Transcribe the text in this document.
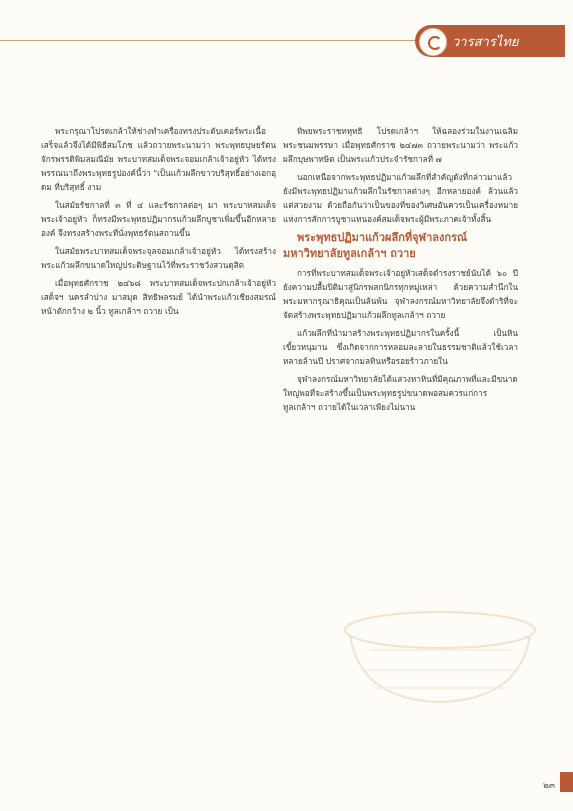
วารสารไทย

พระกรุณาโปรดเกล้าให้ช่างทำเครื่องทรงประดับเคอร์พระเนื้อเสร็จแล้วจึงได้มีพิธีสมโภช แล้วถวายพระนามว่า พระพุทธบุษยรัตนจักรพรรดิพิมลมณีมัย พระบาทสมเด็จพระจอมเกล้าเจ้าอยู่หัว ได้ทรงพรรณนาถึงพระพุทธรูปองค์นี้ว่า "เป็นแก้วผลึกขาวบริสุทธิ์อย่างเอกอุดม ที่บริสุทธิ์ งาม

ในสมัยรัชกาลที่ ๓ ที่ ๔ และรัชกาลต่อๆ มา พระบาทสมเด็จพระเจ้าอยู่หัว ก็ทรงมีพระพุทธปฏิมากรแก้วผลึกบูชาเพิ่มขึ้นอีกหลายองค์ จึงทรงสร้างพระที่นั่งพุทธรัตนสถานขึ้น

ในสมัยพระบาทสมเด็จพระจุลจอมเกล้าเจ้าอยู่หัว ได้ทรงสร้างพระแก้วผลึกขนาดใหญ่ประดิษฐานไว้ที่พระราชวังสวนดุสิต

เมื่อพุทธศักราช ๒๔๖๘ พระบาทสมเด็จพระปกเกล้าเจ้าอยู่หัวเสด็จฯ นครลำปาง มาสมุด สิทธิพลรมย์ ได้นำพระแก้วเชียงสมรณ์ หน้าตักกว้าง ๒ นิ้ว ทูลเกล้าฯ ถวาย เป็น

ทิพยพระราชทหุทธิ โปรดเกล้าฯ ให้ฉลองร่วมในงานเฉลิมพระชนมพรรษา เมื่อพุทธศักราช ๒๔๗๓ ถวายพระนามว่า พระแก้วผลึกบุษพาทษิต เป็นพระแก้วประจำรัชกาลที่ ๗

นอกเหนือจากพระพุทธปฏิมาแก้วผลึกที่สำคัญดังที่กล่าวมาแล้ว ยังมีพระพุทธปฏิมาแก้วผลึกในรัชกาลต่างๆ อีกหลายองค์ ล้วนแล้วแต่สวยงาม ด้วยถือกันว่าเป็นของที่ของวิเศษอันควรเป็นเครื่องหมายแห่งการสักการบูชาแทนองค์สมเด็จพระผู้มีพระภาคเจ้าทั้งสิ้น

พระพุทธปฏิมาแก้วผลึกที่จุฬาลงกรณ์มหาวิทยาลัยทูลเกล้าฯ ถวาย

การที่พระบาทสมเด็จพระเจ้าอยู่หัวเสด็จดำรงราชย์นับได้ ๖๐ ปี ยังความปลื้มปิติมาสู่นิกรพสกนิกรทุกหมู่เหล่า ด้วยความสำนึกในพระมหากรุณาธิคุณเป็นล้นพ้น จุฬาลงกรณ์มหาวิทยาลัยจึงดำริที่จะจัดสร้างพระพุทธปฏิมาแก้วผลึกทูลเกล้าฯ ถวาย

แก้วผลึกที่นำมาสร้างพระพุทธปฏิมากรในครั้งนี้ เป็นหินเขี้ยวหนุมาน ซึ่งเกิดจากการหลอมละลายในธรรมชาติแล้วใช้เวลาหลายล้านปี ปราศจากมลทินหรือรอยร้าวภายใน

จุฬาลงกรณ์มหาวิทยาลัยได้แสวงหาหินที่มีคุณภาพที่และมีขนาดใหญ่พอที่จะสร้างขึ้นเป็นพระพุทธรูปขนาดพอสมควรแก่การทูลเกล้าฯ ถวายได้ในเวลาเพียงไม่นาน

๒๓
